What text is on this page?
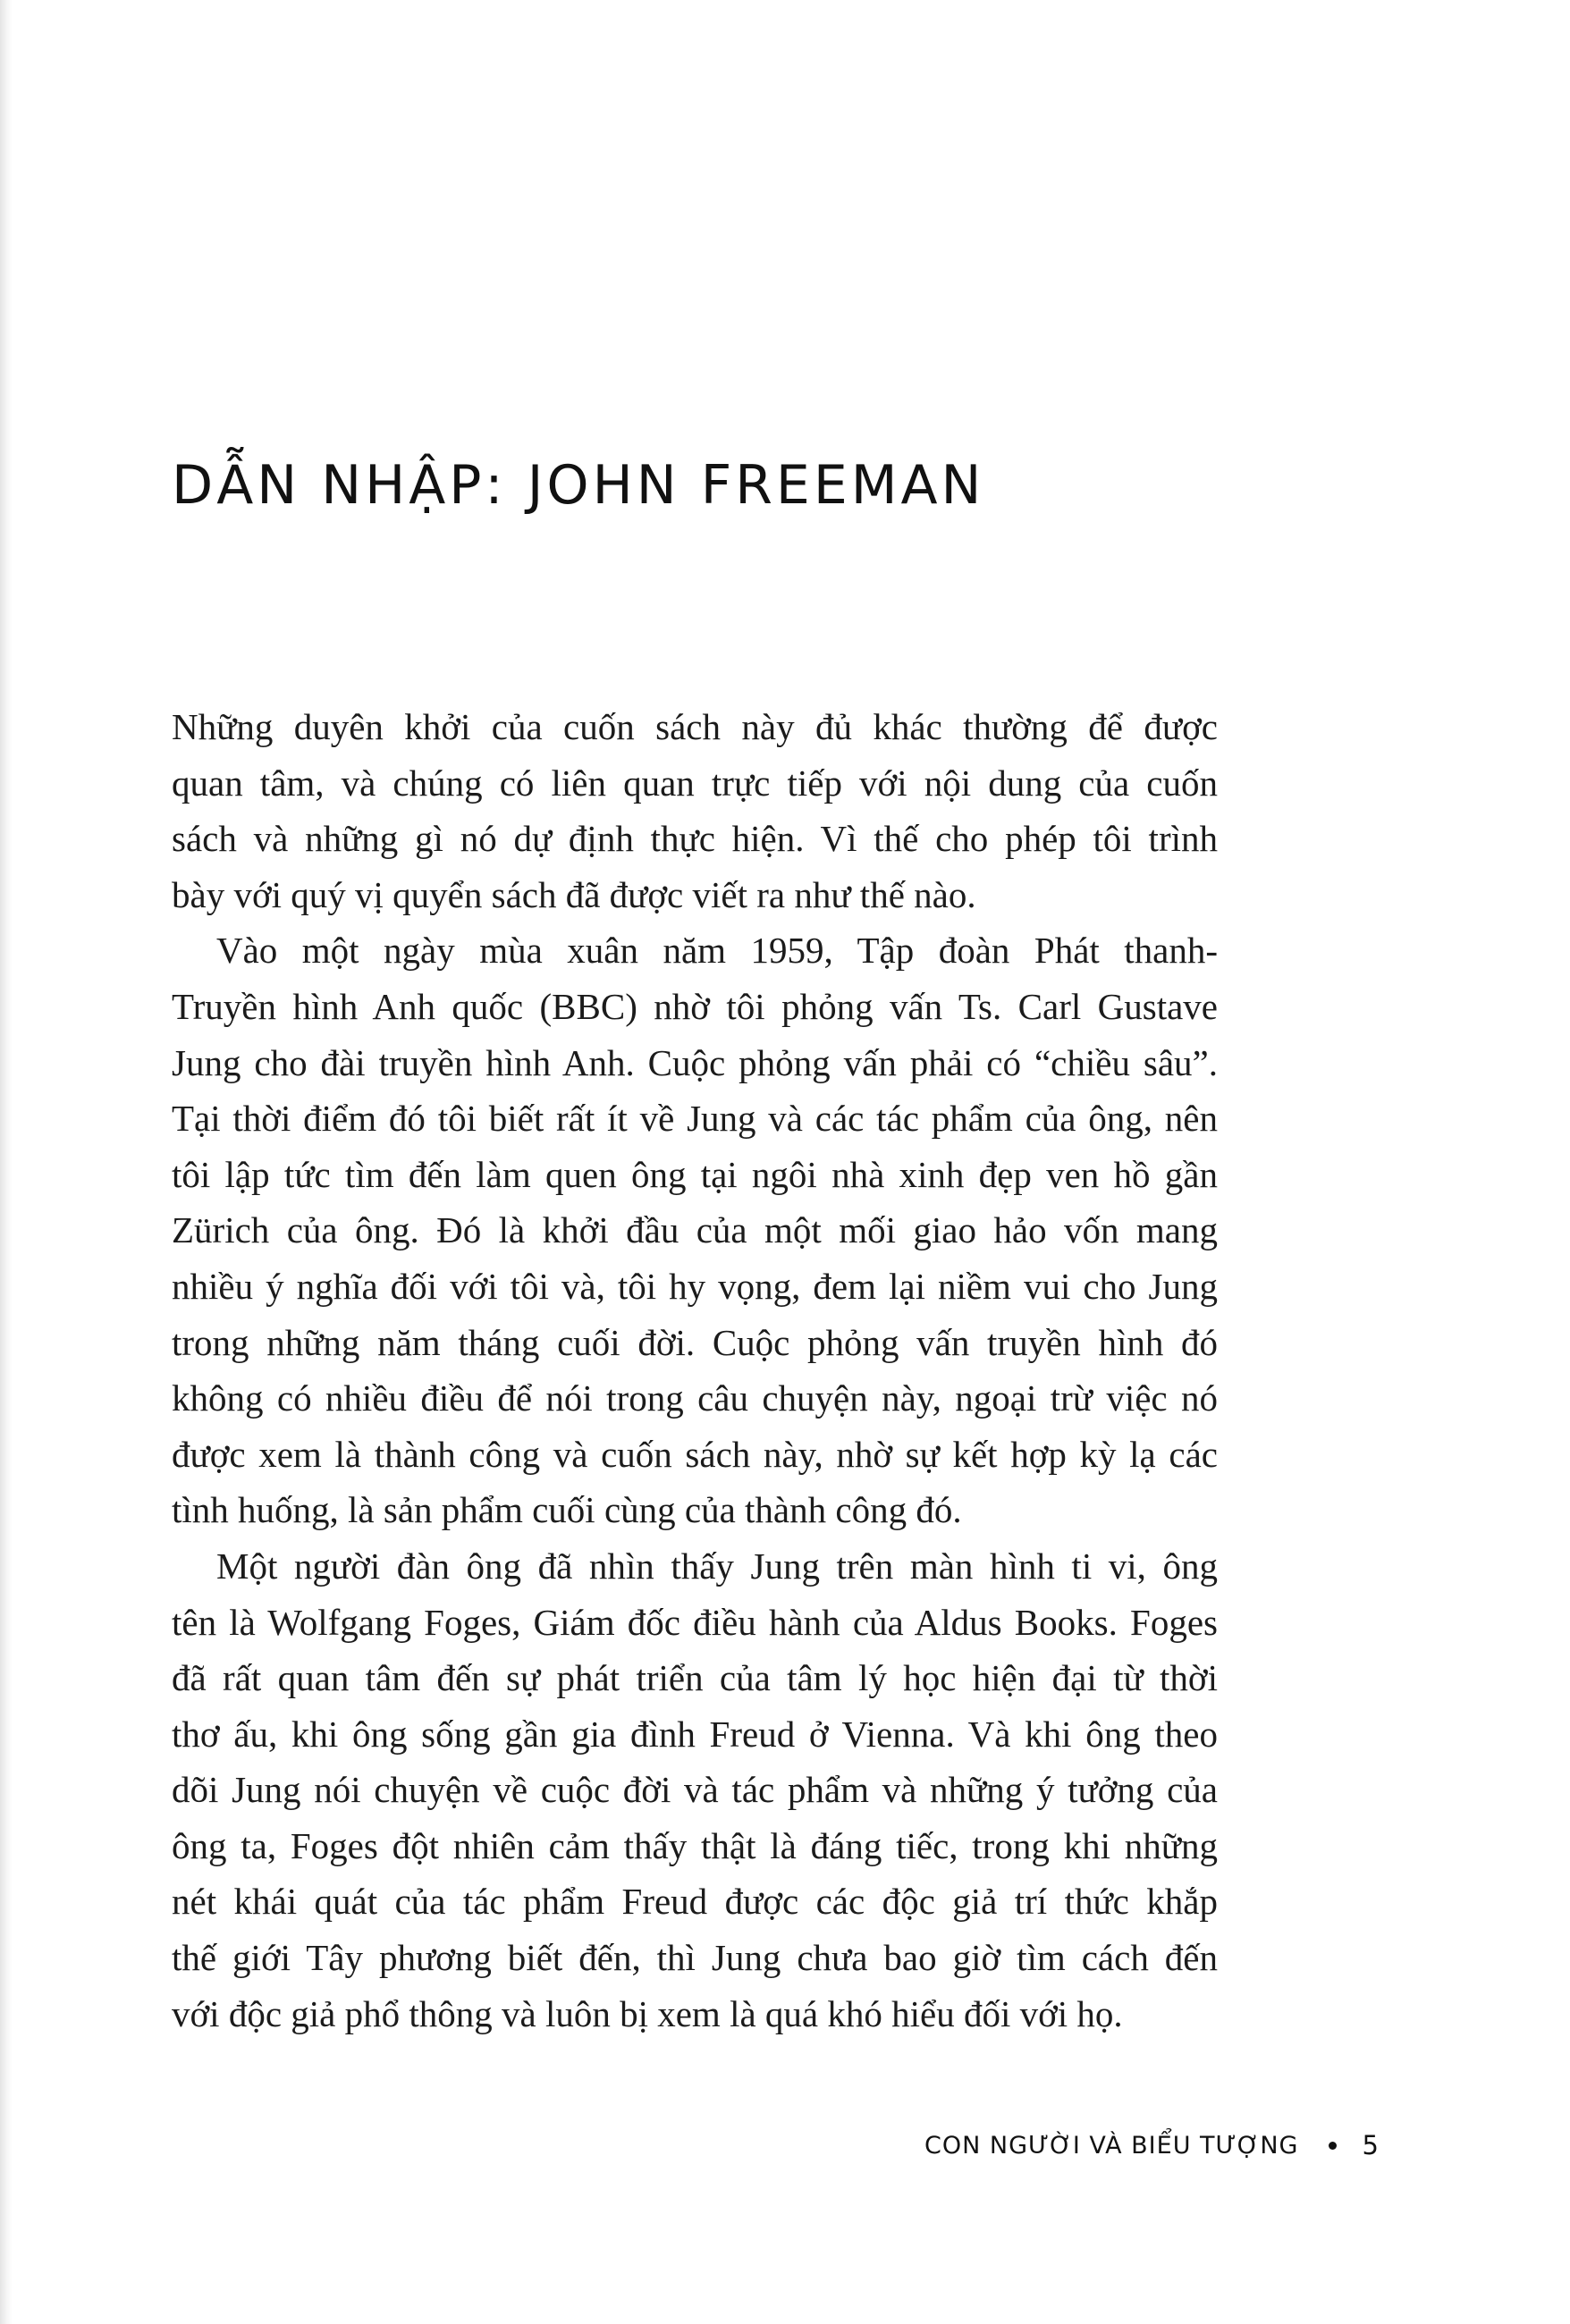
DẪN NHẬP: JOHN FREEMAN
Những duyên khởi của cuốn sách này đủ khác thường để được
quan tâm, và chúng có liên quan trực tiếp với nội dung của cuốn
sách và những gì nó dự định thực hiện. Vì thế cho phép tôi trình
bày với quý vị quyển sách đã được viết ra như thế nào.
Vào một ngày mùa xuân năm 1959, Tập đoàn Phát thanh-
Truyền hình Anh quốc (BBC) nhờ tôi phỏng vấn Ts. Carl Gustave
Jung cho đài truyền hình Anh. Cuộc phỏng vấn phải có “chiều sâu”.
Tại thời điểm đó tôi biết rất ít về Jung và các tác phẩm của ông, nên
tôi lập tức tìm đến làm quen ông tại ngôi nhà xinh đẹp ven hồ gần
Zürich của ông. Đó là khởi đầu của một mối giao hảo vốn mang
nhiều ý nghĩa đối với tôi và, tôi hy vọng, đem lại niềm vui cho Jung
trong những năm tháng cuối đời. Cuộc phỏng vấn truyền hình đó
không có nhiều điều để nói trong câu chuyện này, ngoại trừ việc nó
được xem là thành công và cuốn sách này, nhờ sự kết hợp kỳ lạ các
tình huống, là sản phẩm cuối cùng của thành công đó.
Một người đàn ông đã nhìn thấy Jung trên màn hình ti vi, ông
tên là Wolfgang Foges, Giám đốc điều hành của Aldus Books. Foges
đã rất quan tâm đến sự phát triển của tâm lý học hiện đại từ thời
thơ ấu, khi ông sống gần gia đình Freud ở Vienna. Và khi ông theo
dõi Jung nói chuyện về cuộc đời và tác phẩm và những ý tưởng của
ông ta, Foges đột nhiên cảm thấy thật là đáng tiếc, trong khi những
nét khái quát của tác phẩm Freud được các độc giả trí thức khắp
thế giới Tây phương biết đến, thì Jung chưa bao giờ tìm cách đến
với độc giả phổ thông và luôn bị xem là quá khó hiểu đối với họ.
CON NGƯỜI VÀ BIỂU TƯỢNG 5
